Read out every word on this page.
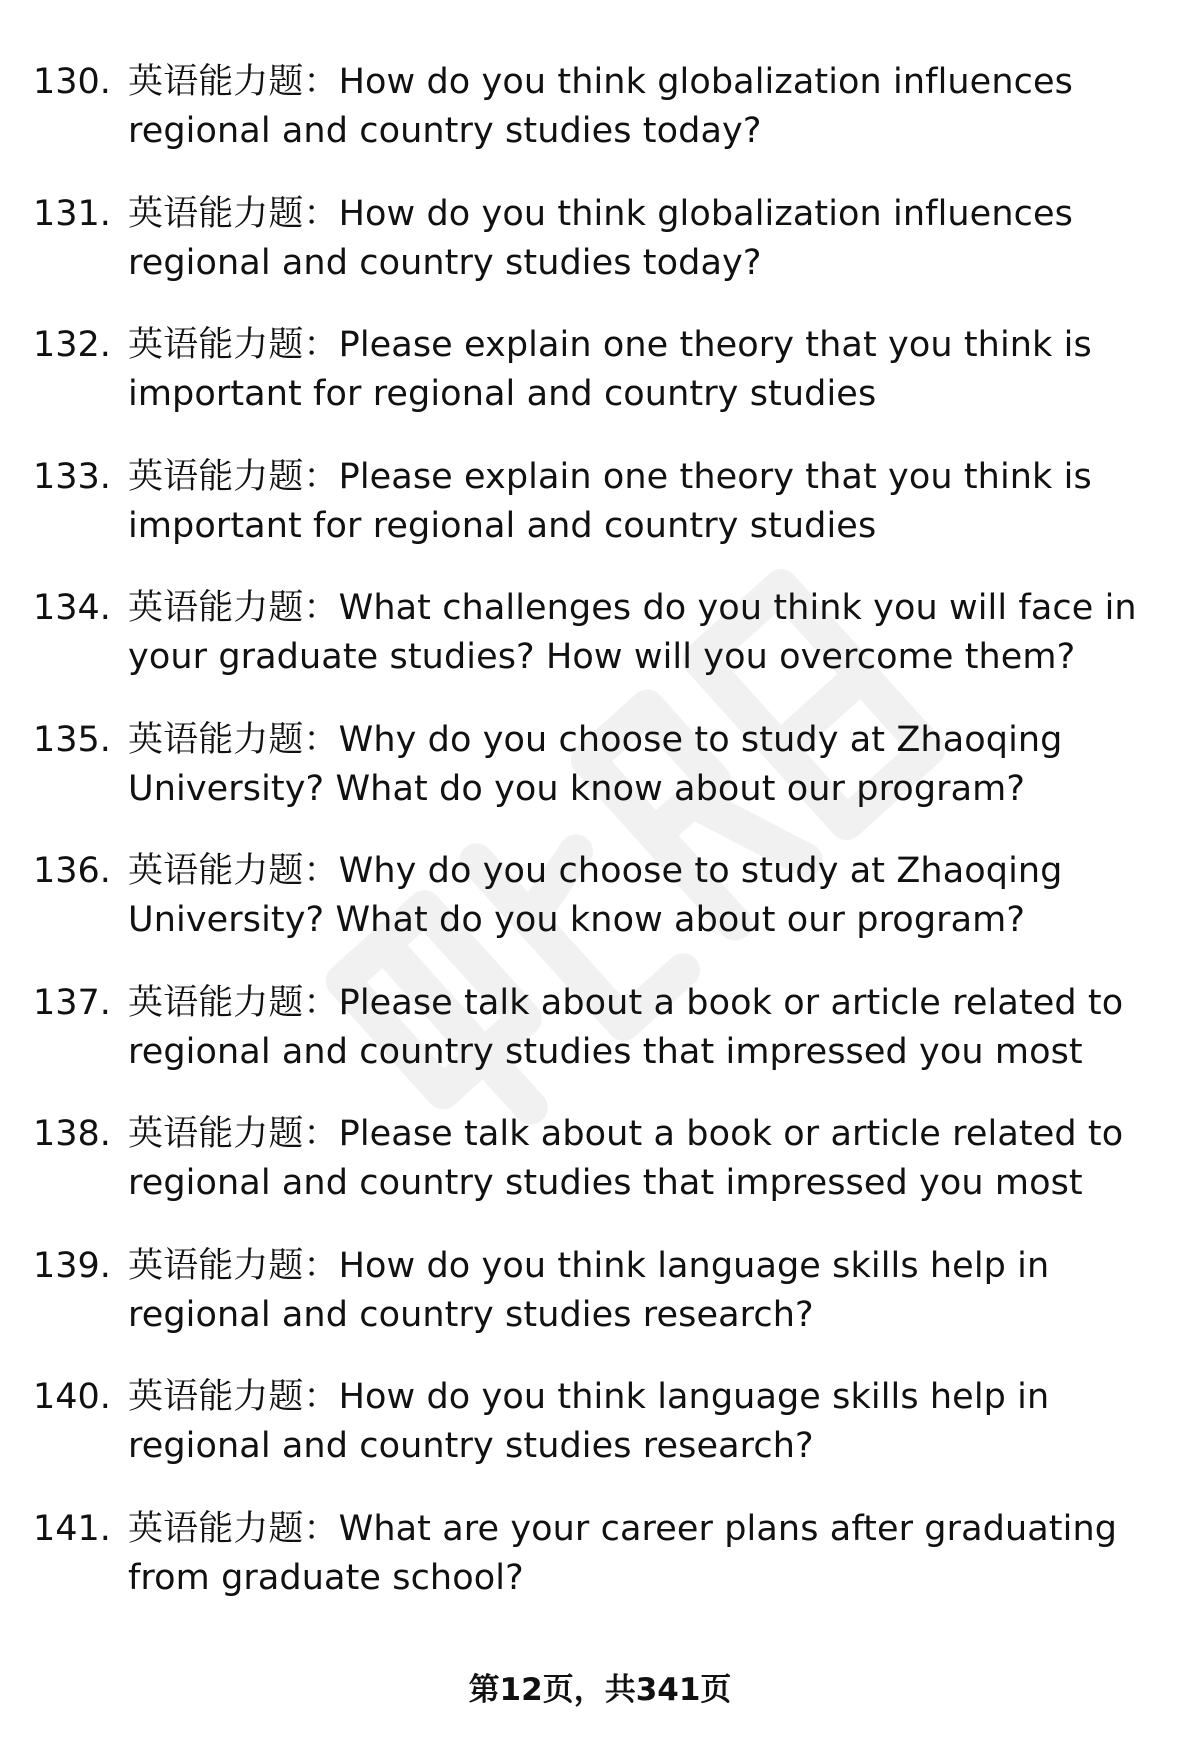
130. 英语能力题：How do you think globalization influences regional and country studies today?
131. 英语能力题：How do you think globalization influences regional and country studies today?
132. 英语能力题：Please explain one theory that you think is important for regional and country studies
133. 英语能力题：Please explain one theory that you think is important for regional and country studies
134. 英语能力题：What challenges do you think you will face in your graduate studies? How will you overcome them?
135. 英语能力题：Why do you choose to study at Zhaoqing University? What do you know about our program?
136. 英语能力题：Why do you choose to study at Zhaoqing University? What do you know about our program?
137. 英语能力题：Please talk about a book or article related to regional and country studies that impressed you most
138. 英语能力题：Please talk about a book or article related to regional and country studies that impressed you most
139. 英语能力题：How do you think language skills help in regional and country studies research?
140. 英语能力题：How do you think language skills help in regional and country studies research?
141. 英语能力题：What are your career plans after graduating from graduate school?
第12页，共341页
